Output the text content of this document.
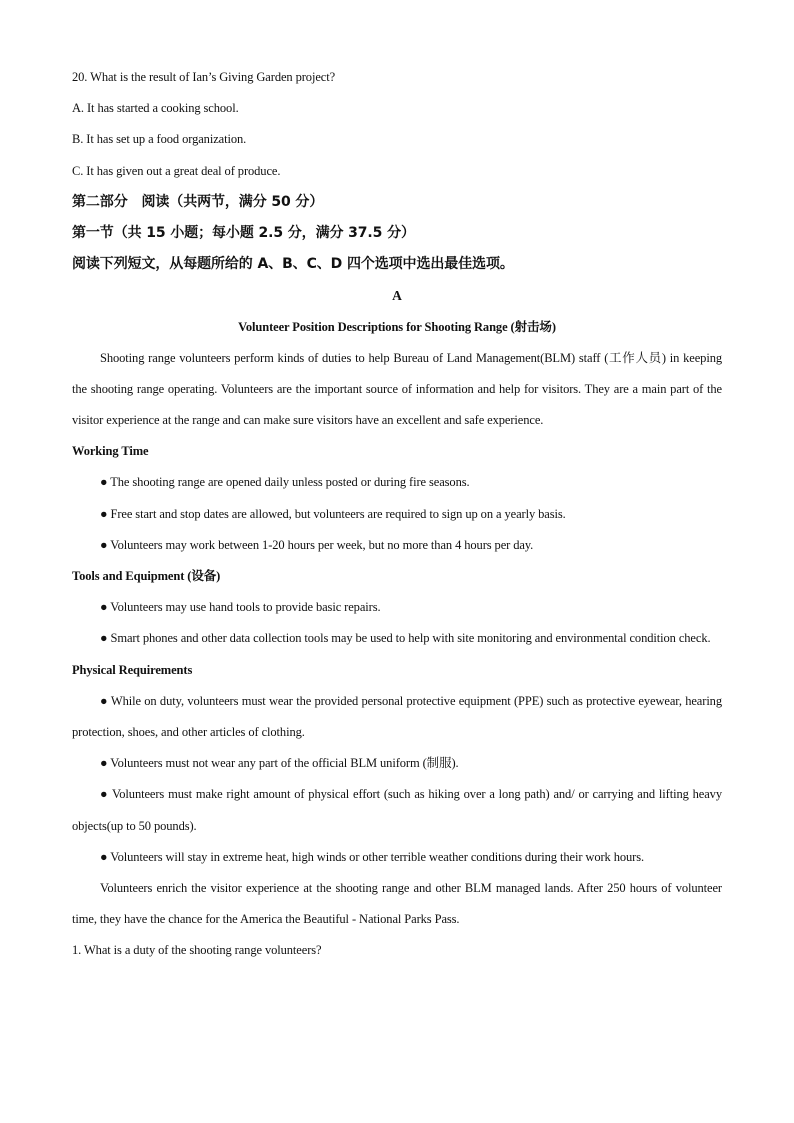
20. What is the result of Ian’s Giving Garden project?
A. It has started a cooking school.
B. It has set up a food organization.
C. It has given out a great deal of produce.
第二部分　阅读（共两节，满分 50 分）
第一节（共 15 小题；每小题 2.5 分，满分 37.5 分）
阅读下列短文，从每题所给的 A、B、C、D 四个选项中选出最佳选项。
A
Volunteer Position Descriptions for Shooting Range (射击场)
Shooting range volunteers perform kinds of duties to help Bureau of Land Management(BLM) staff (工作人员) in keeping the shooting range operating. Volunteers are the important source of information and help for visitors. They are a main part of the visitor experience at the range and can make sure visitors have an excellent and safe experience.
Working Time
● The shooting range are opened daily unless posted or during fire seasons.
● Free start and stop dates are allowed, but volunteers are required to sign up on a yearly basis.
● Volunteers may work between 1-20 hours per week, but no more than 4 hours per day.
Tools and Equipment (设备)
● Volunteers may use hand tools to provide basic repairs.
● Smart phones and other data collection tools may be used to help with site monitoring and environmental condition check.
Physical Requirements
● While on duty, volunteers must wear the provided personal protective equipment (PPE) such as protective eyewear, hearing protection, shoes, and other articles of clothing.
● Volunteers must not wear any part of the official BLM uniform (制服).
● Volunteers must make right amount of physical effort (such as hiking over a long path) and/ or carrying and lifting heavy objects(up to 50 pounds).
● Volunteers will stay in extreme heat, high winds or other terrible weather conditions during their work hours.
Volunteers enrich the visitor experience at the shooting range and other BLM managed lands. After 250 hours of volunteer time, they have the chance for the America the Beautiful - National Parks Pass.
1. What is a duty of the shooting range volunteers?
